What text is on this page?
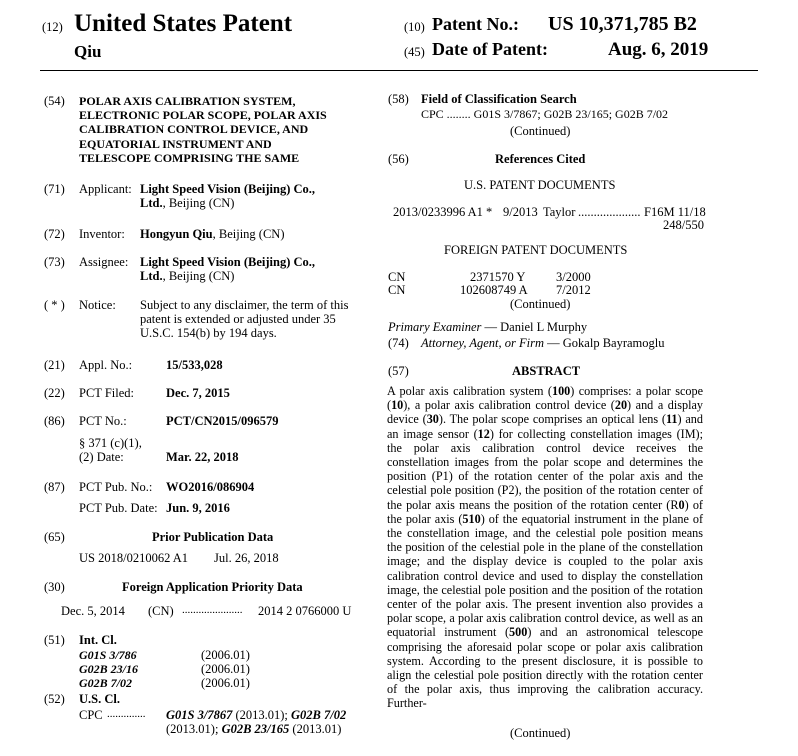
(12) United States Patent
Qiu
(10) Patent No.: US 10,371,785 B2
(45) Date of Patent:	Aug. 6, 2019
(54) POLAR AXIS CALIBRATION SYSTEM,
ELECTRONIC POLAR SCOPE, POLAR AXIS
CALIBRATION CONTROL DEVICE, AND
EQUATORIAL INSTRUMENT AND
TELESCOPE COMPRISING THE SAME
(71) Applicant: Light Speed Vision (Beijing) Co.,
Ltd., Beijing (CN)
(72) Inventor: Hongyun Qiu, Beijing (CN)
(73) Assignee: Light Speed Vision (Beijing) Co.,
Ltd., Beijing (CN)
( * ) Notice: Subject to any disclaimer, the term of this
patent is extended or adjusted under 35
U.S.C. 154(b) by 194 days.
(21) Appl. No.:	15/533,028
(22) PCT Filed:	Dec. 7, 2015
(86) PCT No.:	PCT/CN2015/096579
§ 371 (c)(1),
(2) Date:	Mar. 22, 2018
(87) PCT Pub. No.: WO2016/086904
PCT Pub. Date: Jun. 9, 2016
(65)	Prior Publication Data
US 2018/0210062 A1 Jul. 26, 2018
(30)	Foreign Application Priority Data
Dec. 5, 2014 (CN) ...................... 2014 2 0766000 U
(51) Int. Cl.
G01S 3/786	(2006.01)
G02B 23/16	(2006.01)
G02B 7/02	(2006.01)
(52) U.S. Cl.
CPC .............. G01S 3/7867 (2013.01); G02B 7/02
(2013.01); G02B 23/165 (2013.01)
(58) Field of Classification Search
CPC ........ G01S 3/7867; G02B 23/165; G02B 7/02
(Continued)
(56)	References Cited
U.S. PATENT DOCUMENTS
2013/0233996 A1 * 9/2013 Taylor .................... F16M 11/18
248/550
FOREIGN PATENT DOCUMENTS
CN	2371570 Y 3/2000
CN	102608749 A 7/2012
(Continued)
Primary Examiner — Daniel L Murphy
(74) Attorney, Agent, or Firm — Gokalp Bayramoglu
(57)	ABSTRACT
A polar axis calibration system (100) comprises: a polar scope (10), a polar axis calibration control device (20) and a display device (30). The polar scope comprises an optical lens (11) and an image sensor (12) for collecting constellation images (IM); the polar axis calibration control device receives the constellation images from the polar scope and determines the position (P1) of the rotation center of the polar axis and the celestial pole position (P2), the position of the rotation center of the polar axis means the position of the rotation center (R0) of the polar axis (510) of the equatorial instrument in the plane of the constellation image, and the celestial pole position means the position of the celestial pole in the plane of the constellation image; and the display device is coupled to the polar axis calibration control device and used to display the constellation image, the celestial pole position and the position of the rotation center of the polar axis. The present invention also provides a polar scope, a polar axis calibration control device, as well as an equatorial instrument (500) and an astronomical telescope comprising the aforesaid polar scope or polar axis calibration system. According to the present disclosure, it is possible to align the celestial pole position directly with the rotation center of the polar axis, thus improving the calibration accuracy. Further-
(Continued)
